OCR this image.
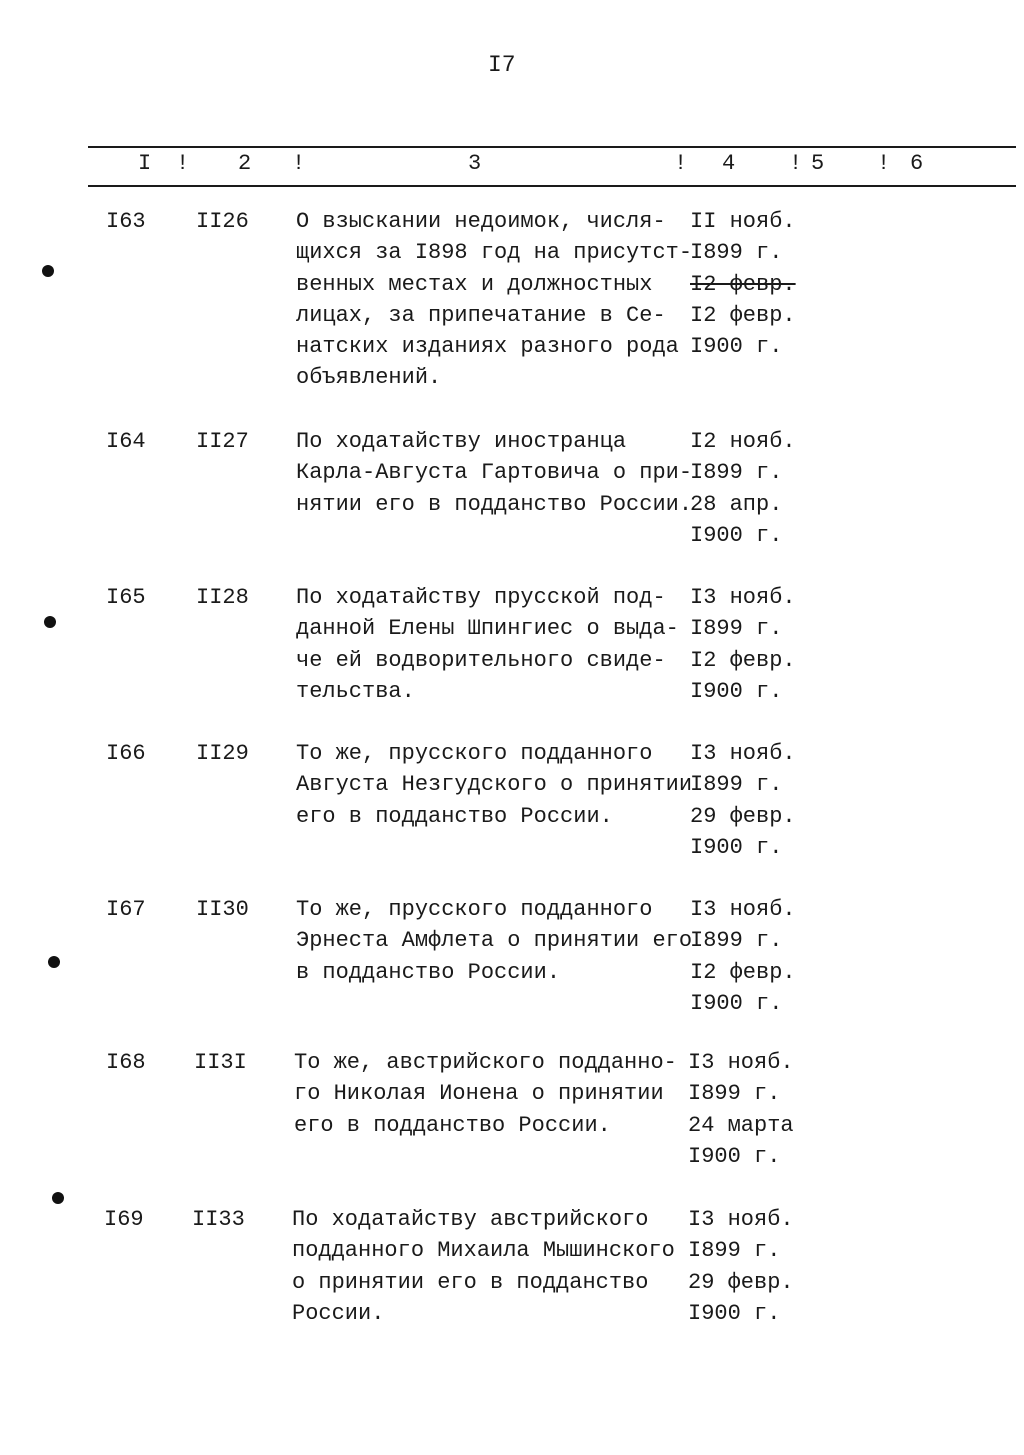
I7
I ! 2 !	3	! 4 ! 5 ! 6
I63 II26 О взыскании недоимок, числя-
щихся за I898 год на присутст-
венных местах и должностных
лицах, за припечатание в Се-
натских изданиях разного рода
объявлений.
II нояб.
I899 г.
I2 февр.
I2 февр.
I900 г.
I64 II27 По ходатайству иностранца
Карла-Августа Гартовича о при-
нятии его в подданство России.
I2 нояб.
I899 г.
28 апр.
I900 г.
I65 II28 По ходатайству прусской под-
данной Елены Шпингиес о выда-
че ей водворительного свиде-
тельства.
I3 нояб.
I899 г.
I2 февр.
I900 г.
I66 II29 То же, прусского подданного
Августа Незгудского о принятии
его в подданство России.
I3 нояб.
I899 г.
29 февр.
I900 г.
I67 II30 То же, прусского подданного
Эрнеста Амфлета о принятии его
в подданство России.
I3 нояб.
I899 г.
I2 февр.
I900 г.
I68 II3I То же, австрийского подданно-
го Николая Ионена о принятии
его в подданство России.
I3 нояб.
I899 г.
24 марта
I900 г.
I69 II33 По ходатайству австрийского
подданного Михаила Мышинского
о принятии его в подданство
России.
I3 нояб.
I899 г.
29 февр.
I900 г.
